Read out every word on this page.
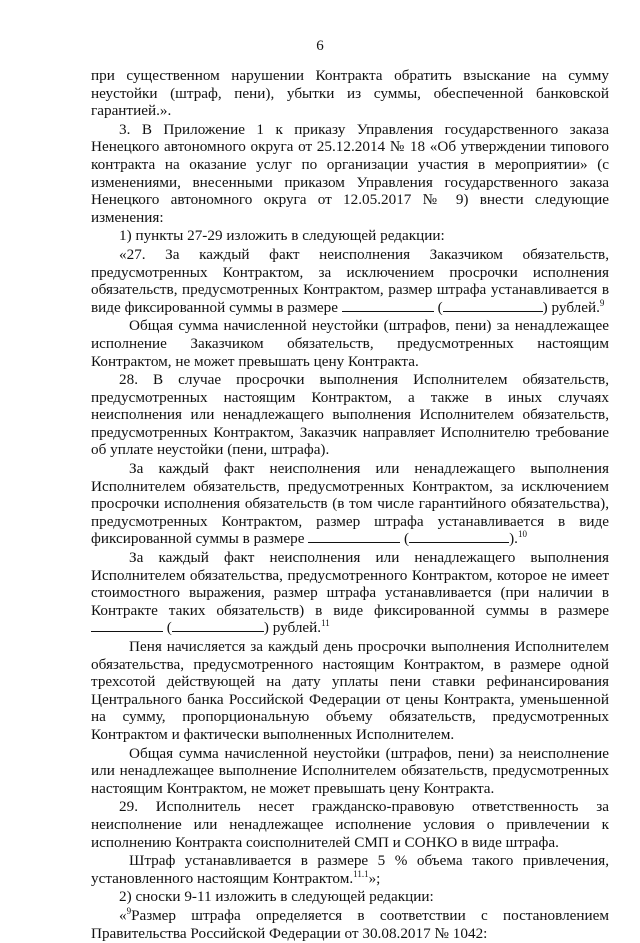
6

при существенном нарушении Контракта обратить взыскание на сумму неустойки (штраф, пени), убытки из суммы, обеспеченной банковской гарантией.».

3. В Приложение 1 к приказу Управления государственного заказа Ненецкого автономного округа от 25.12.2014 № 18 «Об утверждении типового контракта на оказание услуг по организации участия в мероприятии» (с изменениями, внесенными приказом Управления государственного заказа Ненецкого автономного округа от 12.05.2017 № 9) внести следующие изменения:

1) пункты 27-29 изложить в следующей редакции:

«27. За каждый факт неисполнения Заказчиком обязательств, предусмотренных Контрактом, за исключением просрочки исполнения обязательств, предусмотренных Контрактом, размер штрафа устанавливается в виде фиксированной суммы в размере	(	) рублей.$^9$

Общая сумма начисленной неустойки (штрафов, пени) за ненадлежащее исполнение Заказчиком обязательств, предусмотренных настоящим Контрактом, не может превышать цену Контракта.

28. В случае просрочки выполнения Исполнителем обязательств, предусмотренных настоящим Контрактом, а также в иных случаях неисполнения или ненадлежащего выполнения Исполнителем обязательств, предусмотренных Контрактом, Заказчик направляет Исполнителю требование об уплате неустойки (пени, штрафа).

За каждый факт неисполнения или ненадлежащего выполнения Исполнителем обязательств, предусмотренных Контрактом, за исключением просрочки исполнения обязательств (в том числе гарантийного обязательства), предусмотренных Контрактом, размер штрафа устанавливается в виде фиксированной суммы в размере	(	).$^{10}$

За каждый факт неисполнения или ненадлежащего выполнения Исполнителем обязательства, предусмотренного Контрактом, которое не имеет стоимостного выражения, размер штрафа устанавливается (при наличии в Контракте таких обязательств) в виде фиксированной суммы в размере  (	) рублей.$^{11}$

Пеня начисляется за каждый день просрочки выполнения Исполнителем обязательства, предусмотренного настоящим Контрактом, в размере одной трехсотой действующей на дату уплаты пени ставки рефинансирования Центрального банка Российской Федерации от цены Контракта, уменьшенной на сумму, пропорциональную объему обязательств, предусмотренных Контрактом и фактически выполненных Исполнителем.

Общая сумма начисленной неустойки (штрафов, пени) за неисполнение или ненадлежащее выполнение Исполнителем обязательств, предусмотренных настоящим Контрактом, не может превышать цену Контракта.

29. Исполнитель несет гражданско-правовую ответственность за неисполнение или ненадлежащее исполнение условия о привлечении к исполнению Контракта соисполнителей СМП и СОНКО в виде штрафа.

Штраф устанавливается в размере 5 % объема такого привлечения, установленного настоящим Контрактом.$^{11.1}$»;

2) сноски 9-11 изложить в следующей редакции:

«$^9$Размер штрафа определяется в соответствии с постановлением Правительства Российской Федерации от 30.08.2017 № 1042:
